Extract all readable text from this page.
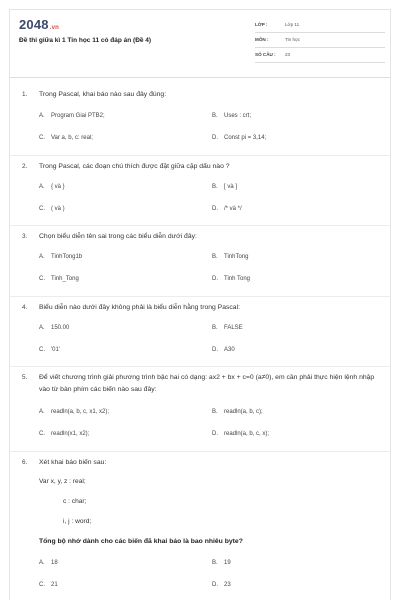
2048.vn
Đề thi giữa kì 1 Tin học 11 có đáp án (Đề 4)
LỚP :	Lớp 11
MÔN :	Tin học
SỐ CÂU : 23
1. Trong Pascal, khai báo nào sau đây đúng:
A. Program Giai PTB2;	B. Uses : crt;
C. Var a, b, c: real;	D. Const pi = 3,14;
2. Trong Pascal, các đoạn chú thích được đặt giữa cặp dấu nào ?
A. { và }	B. [ và ]
C. ( và )	D. /* và */
3. Chọn biểu diễn tên sai trong các biểu diễn dưới đây:
A. TinhTong1b	B. TinhTong
C. Tinh_Tong	D. Tinh Tong
4. Biểu diễn nào dưới đây không phải là biểu diễn hằng trong Pascal:
A. 150.00	B. FALSE
C. '01'	D. A30
5. Để viết chương trình giải phương trình bậc hai có dạng: ax2 + bx + c=0 (a≠0), em cần phải thực hiện lệnh nhập vào từ bàn phím các biến nào sau đây:
A. readln(a, b, c, x1, x2);	B. readln(a, b, c);
C. readln(x1, x2);	D. readln(a, b, c, x);
6. Xét khai báo biến sau:
Var x, y, z : real;
c : char;
i, j : word;
Tổng bộ nhớ dành cho các biến đã khai báo là bao nhiêu byte?
A. 18	B. 19
C. 21	D. 23
